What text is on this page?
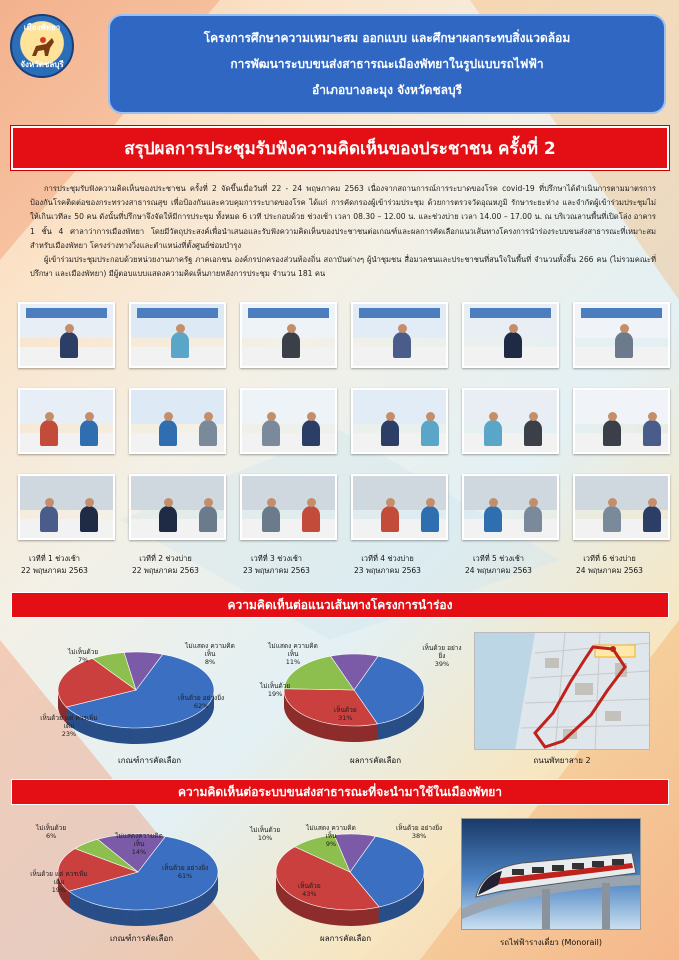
เมืองพัทยา
จังหวัดชลบุรี
โครงการศึกษาความเหมาะสม ออกแบบ และศึกษาผลกระทบสิ่งแวดล้อม
การพัฒนาระบบขนส่งสาธารณะเมืองพัทยาในรูปแบบรถไฟฟ้า
อำเภอบางละมุง จังหวัดชลบุรี
สรุปผลการประชุมรับฟังความคิดเห็นของประชาชน ครั้งที่ 2

การประชุมรับฟังความคิดเห็นของประชาชน ครั้งที่ 2 จัดขึ้นเมื่อวันที่ 22 - 24 พฤษภาคม 2563 เนื่องจากสถานการณ์การระบาดของโรค covid-19 ที่ปรึกษาได้ดำเนินการตามมาตรการป้องกันโรคติดต่อของกระทรวงสาธารณสุข เพื่อป้องกันและควบคุมการระบาดของโรค ได้แก่ การคัดกรองผู้เข้าร่วมประชุม ด้วยการตรวจวัดอุณหภูมิ รักษาระยะห่าง และจำกัดผู้เข้าร่วมประชุมไม่ให้เกินเวทีละ 50 คน ดังนั้นที่ปรึกษาจึงจัดให้มีการประชุม ทั้งหมด 6 เวที ประกอบด้วย ช่วงเช้า เวลา 08.30 – 12.00 น. และช่วงบ่าย เวลา 14.00 – 17.00 น. ณ บริเวณลานพื้นที่เปิดโล่ง อาคาร 1 ชั้น 4 ศาลาว่าการเมืองพัทยา โดยมีวัตถุประสงค์เพื่อนำเสนอและรับฟังความคิดเห็นของประชาชนต่อเกณฑ์และผลการคัดเลือกแนวเส้นทางโครงการนำร่องระบบขนส่งสาธารณะที่เหมาะสมสำหรับเมืองพัทยา โครงร่างทางวิ่งและตำแหน่งที่ตั้งศูนย์ซ่อมบำรุง

ผู้เข้าร่วมประชุมประกอบด้วยหน่วยงานภาครัฐ ภาคเอกชน องค์กรปกครองส่วนท้องถิ่น สถาบันต่างๆ ผู้นำชุมชน สื่อมวลชนและประชาชนที่สนใจในพื้นที่ จำนวนทั้งสิ้น 266 คน (ไม่รวมคณะที่ปรึกษา และเมืองพัทยา) มีผู้ตอบแบบแสดงความคิดเห็นภายหลังการประชุม จำนวน 181 คน

เวทีที่ 1 ช่วงเช้า
22 พฤษภาคม 2563
เวทีที่ 2 ช่วงบ่าย
22 พฤษภาคม 2563
เวทีที่ 3 ช่วงเช้า
23 พฤษภาคม 2563
เวทีที่ 4 ช่วงบ่าย
23 พฤษภาคม 2563
เวทีที่ 5 ช่วงเช้า
24 พฤษภาคม 2563
เวทีที่ 6 ช่วงบ่าย
24 พฤษภาคม 2563
ความคิดเห็นต่อแนวเส้นทางโครงการนำร่อง
ความคิดเห็นต่อระบบขนส่งสาธารณะที่จะนำมาใช้ในเมืองพัทยา
เห็นด้วย อย่างยิ่ง
62%
เห็นด้วย แต่ ควรเพิ่มเติม
23%
ไม่เห็นด้วย
7%
ไม่แสดง ความคิดเห็น
8%
เกณฑ์การคัดเลือก
เห็นด้วย อย่างยิ่ง
39%
เห็นด้วย
31%
ไม่เห็นด้วย
19%
ไม่แสดง ความคิดเห็น
11%
ผลการคัดเลือก
เห็นด้วย อย่างยิ่ง
61%
เห็นด้วย แต่ ควรเพิ่มเติม
19%
ไม่เห็นด้วย
6%	ไม่แสดงความคิดเห็น
14%
เกณฑ์การคัดเลือก
เห็นด้วย อย่างยิ่ง
38%
เห็นด้วย
43%
ไม่เห็นด้วย
10%
ไม่แสดง ความคิดเห็น
9%
ผลการคัดเลือก
ถนนพัทยาสาย 2
รถไฟฟ้ารางเดี่ยว (Monorail)
